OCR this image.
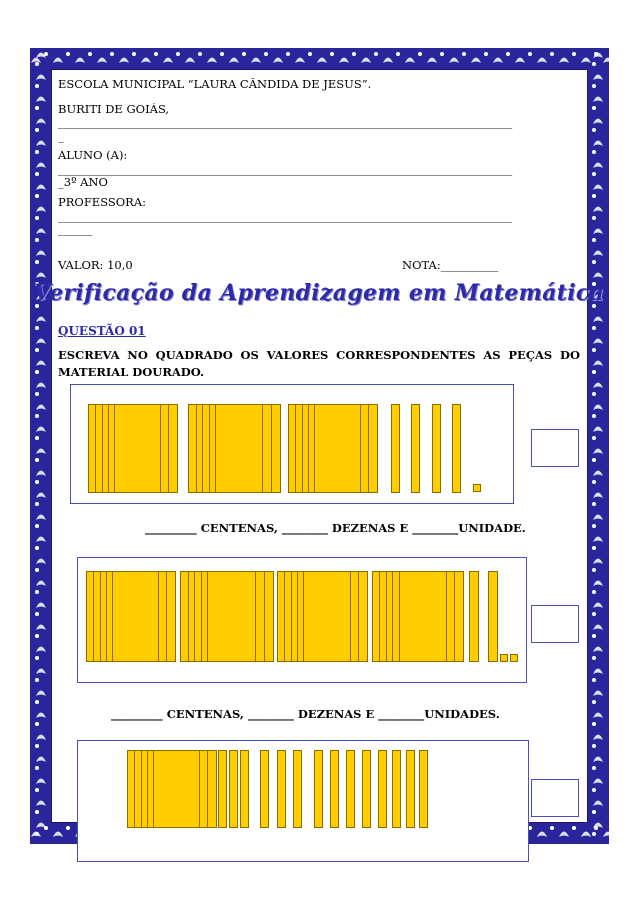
ESCOLA MUNICIPAL “LAURA CÂNDIDA DE JESUS”.
BURITI DE GOIÁS,
_______________________________________________________________________________
_
ALUNO (A):
_______________________________________________________________________________
_3º ANO
PROFESSORA:
_______________________________________________________________________________
______
VALOR: 10,0	NOTA:__________
Verificação da Aprendizagem em Matemática
QUESTÃO 01
ESCREVA NO QUADRADO OS VALORES CORRESPONDENTES AS PEÇAS DO MATERIAL DOURADO.
_________ CENTENAS, ________ DEZENAS E ________UNIDADE.
_________ CENTENAS, ________ DEZENAS E ________UNIDADES.
